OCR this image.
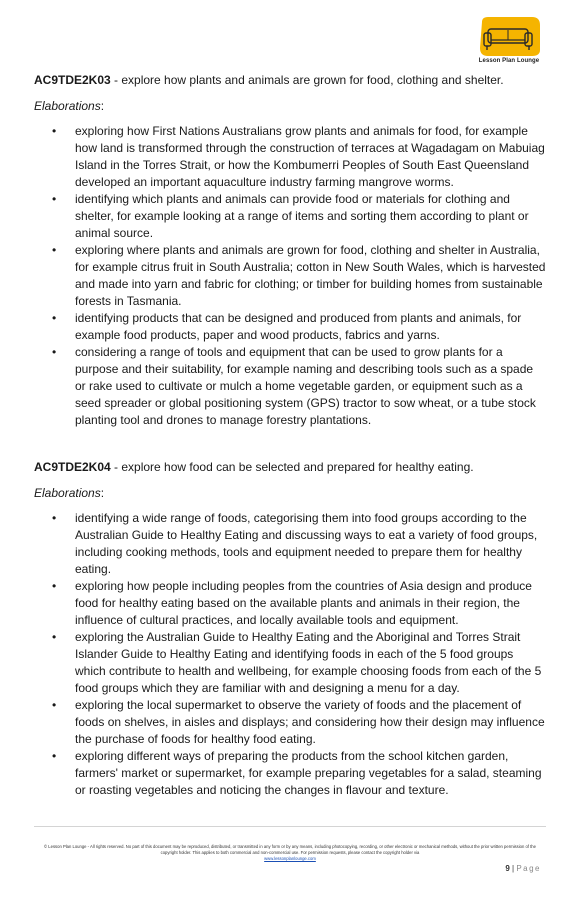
Lesson Plan Lounge

AC9TDE2K03 - explore how plants and animals are grown for food, clothing and shelter.

Elaborations:

• exploring how First Nations Australians grow plants and animals for food, for example how land is transformed through the construction of terraces at Wagadagam on Mabuiag Island in the Torres Strait, or how the Kombumerri Peoples of South East Queensland developed an important aquaculture industry farming mangrove worms.
• identifying which plants and animals can provide food or materials for clothing and shelter, for example looking at a range of items and sorting them according to plant or animal source.
• exploring where plants and animals are grown for food, clothing and shelter in Australia, for example citrus fruit in South Australia; cotton in New South Wales, which is harvested and made into yarn and fabric for clothing; or timber for building homes from sustainable forests in Tasmania.
• identifying products that can be designed and produced from plants and animals, for example food products, paper and wood products, fabrics and yarns.
• considering a range of tools and equipment that can be used to grow plants for a purpose and their suitability, for example naming and describing tools such as a spade or rake used to cultivate or mulch a home vegetable garden, or equipment such as a seed spreader or global positioning system (GPS) tractor to sow wheat, or a tube stock planting tool and drones to manage forestry plantations.

AC9TDE2K04 - explore how food can be selected and prepared for healthy eating.

Elaborations:

• identifying a wide range of foods, categorising them into food groups according to the Australian Guide to Healthy Eating and discussing ways to eat a variety of food groups, including cooking methods, tools and equipment needed to prepare them for healthy eating.
• exploring how people including peoples from the countries of Asia design and produce food for healthy eating based on the available plants and animals in their region, the influence of cultural practices, and locally available tools and equipment.
• exploring the Australian Guide to Healthy Eating and the Aboriginal and Torres Strait Islander Guide to Healthy Eating and identifying foods in each of the 5 food groups which contribute to health and wellbeing, for example choosing foods from each of the 5 food groups which they are familiar with and designing a menu for a day.
• exploring the local supermarket to observe the variety of foods and the placement of foods on shelves, in aisles and displays; and considering how their design may influence the purchase of foods for healthy food eating.
• exploring different ways of preparing the products from the school kitchen garden, farmers' market or supermarket, for example preparing vegetables for a salad, steaming or roasting vegetables and noticing the changes in flavour and texture.
© Lesson Plan Lounge - All rights reserved. No part of this document may be reproduced, distributed, or transmitted in any form or by any means, including photocopying, recording, or other electronic or mechanical methods, without the prior written permission of the copyright holder. This applies to both commercial and non-commercial use. For permission requests, please contact the copyright holder via
www.lessonplanlounge.com
9 | Page
